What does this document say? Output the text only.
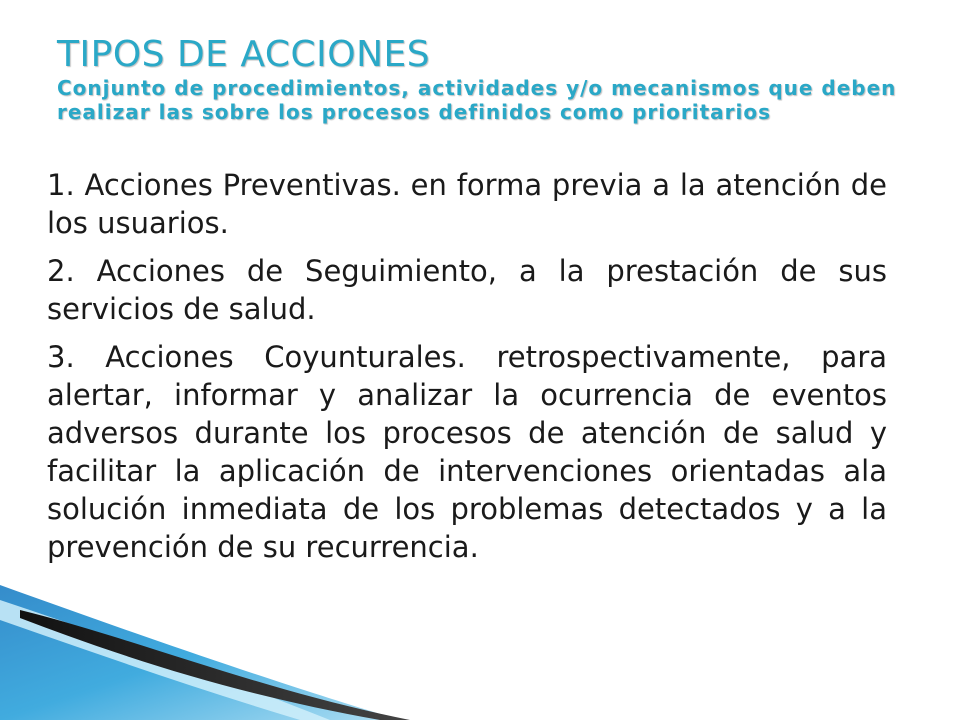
TIPOS DE ACCIONES

Conjunto de procedimientos, actividades y/o mecanismos que deben realizar las sobre los procesos definidos como prioritarios

1. Acciones Preventivas. en forma previa a la atención de los usuarios.

2. Acciones de Seguimiento, a la prestación de sus servicios de salud.

3. Acciones Coyunturales. retrospectivamente, para alertar, informar y analizar la ocurrencia de eventos adversos durante los procesos de atención de salud y facilitar la aplicación de intervenciones orientadas ala solución inmediata de los problemas detectados y a la prevención de su recurrencia.
